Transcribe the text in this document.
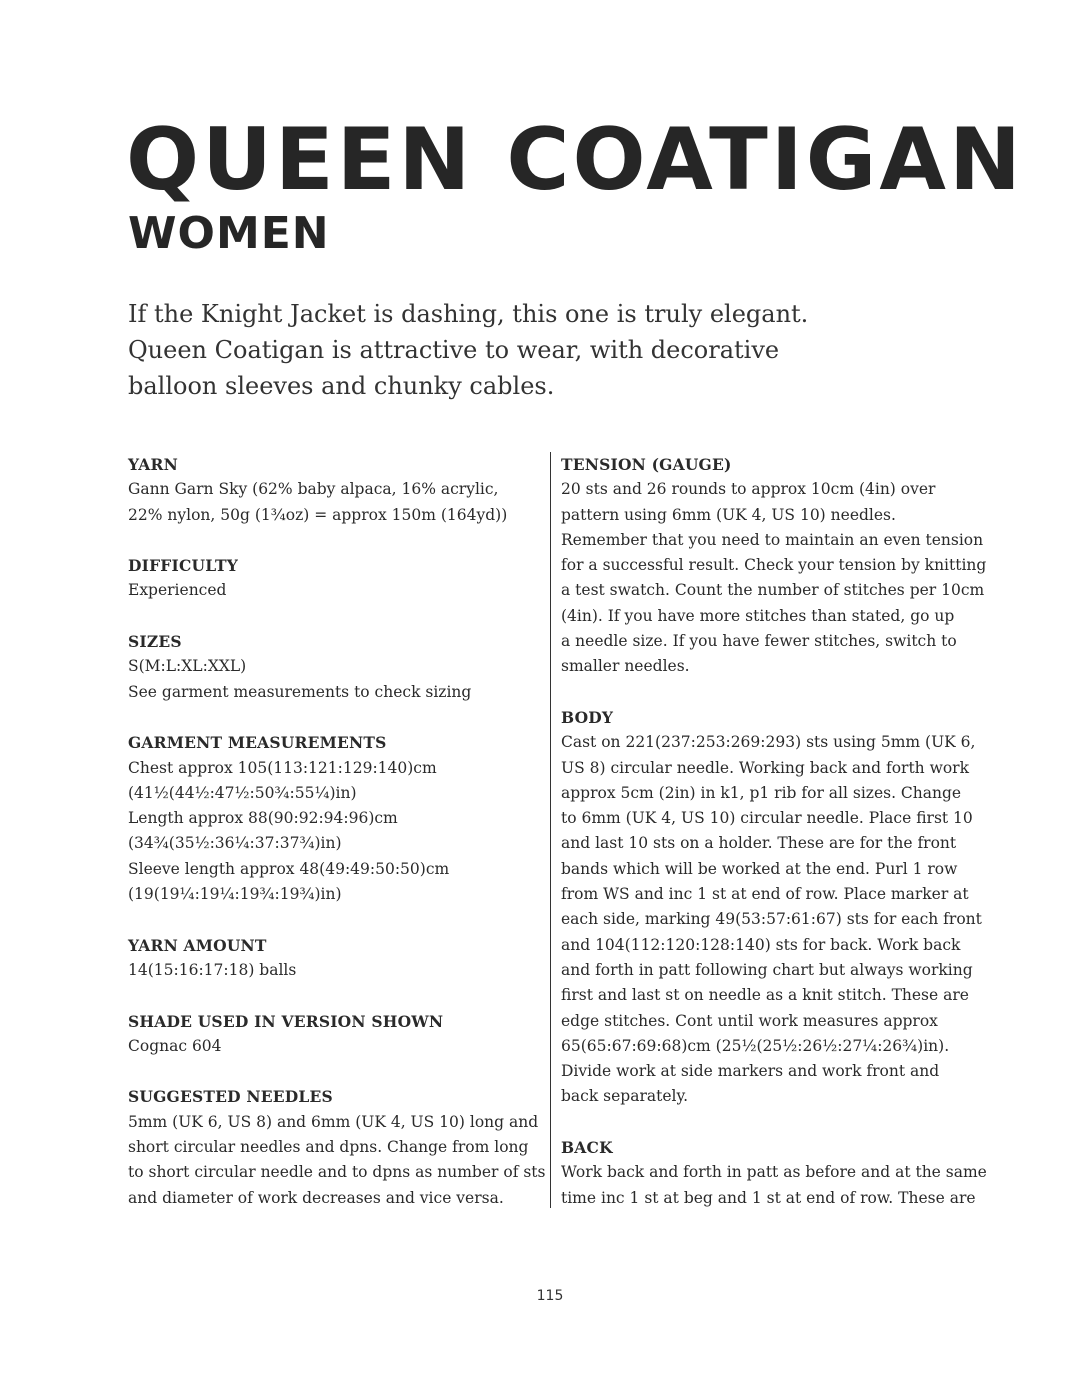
QUEEN COATIGAN
WOMEN

If the Knight Jacket is dashing, this one is truly elegant. Queen Coatigan is attractive to wear, with decorative balloon sleeves and chunky cables.

YARN
Gann Garn Sky (62% baby alpaca, 16% acrylic,
22% nylon, 50g (1¾oz) = approx 150m (164yd))
DIFFICULTY
Experienced
SIZES
S(M:L:XL:XXL)
See garment measurements to check sizing
GARMENT MEASUREMENTS
Chest approx 105(113:121:129:140)cm
(41½(44½:47½:50¾:55¼)in)
Length approx 88(90:92:94:96)cm
(34¾(35½:36¼:37:37¾)in)
Sleeve length approx 48(49:49:50:50)cm
(19(19¼:19¼:19¾:19¾)in)
YARN AMOUNT
14(15:16:17:18) balls
SHADE USED IN VERSION SHOWN
Cognac 604
SUGGESTED NEEDLES
5mm (UK 6, US 8) and 6mm (UK 4, US 10) long and
short circular needles and dpns. Change from long
to short circular needle and to dpns as number of sts
and diameter of work decreases and vice versa.
TENSION (GAUGE)
20 sts and 26 rounds to approx 10cm (4in) over
pattern using 6mm (UK 4, US 10) needles.
Remember that you need to maintain an even tension
for a successful result. Check your tension by knitting
a test swatch. Count the number of stitches per 10cm
(4in). If you have more stitches than stated, go up
a needle size. If you have fewer stitches, switch to
smaller needles.
BODY
Cast on 221(237:253:269:293) sts using 5mm (UK 6,
US 8) circular needle. Working back and forth work
approx 5cm (2in) in k1, p1 rib for all sizes. Change
to 6mm (UK 4, US 10) circular needle. Place first 10
and last 10 sts on a holder. These are for the front
bands which will be worked at the end. Purl 1 row
from WS and inc 1 st at end of row. Place marker at
each side, marking 49(53:57:61:67) sts for each front
and 104(112:120:128:140) sts for back. Work back
and forth in patt following chart but always working
first and last st on needle as a knit stitch. These are
edge stitches. Cont until work measures approx
65(65:67:69:68)cm (25½(25½:26½:27¼:26¾)in).
Divide work at side markers and work front and
back separately.
BACK
Work back and forth in patt as before and at the same
time inc 1 st at beg and 1 st at end of row. These are
115
